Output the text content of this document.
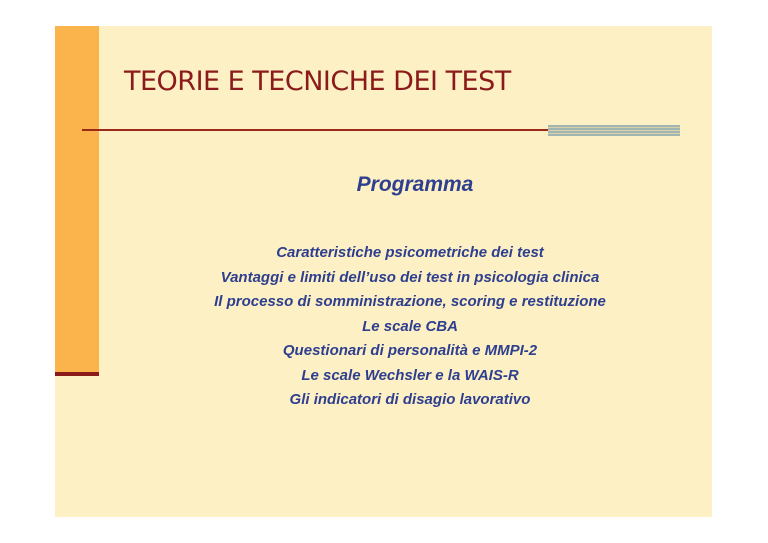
TEORIE E TECNICHE DEI TEST
Programma
Caratteristiche psicometriche dei test
Vantaggi e limiti dell’uso dei test in psicologia clinica
Il processo di somministrazione, scoring e restituzione
Le scale CBA
Questionari di personalità e MMPI-2
Le scale Wechsler e la WAIS-R
Gli indicatori di disagio lavorativo
